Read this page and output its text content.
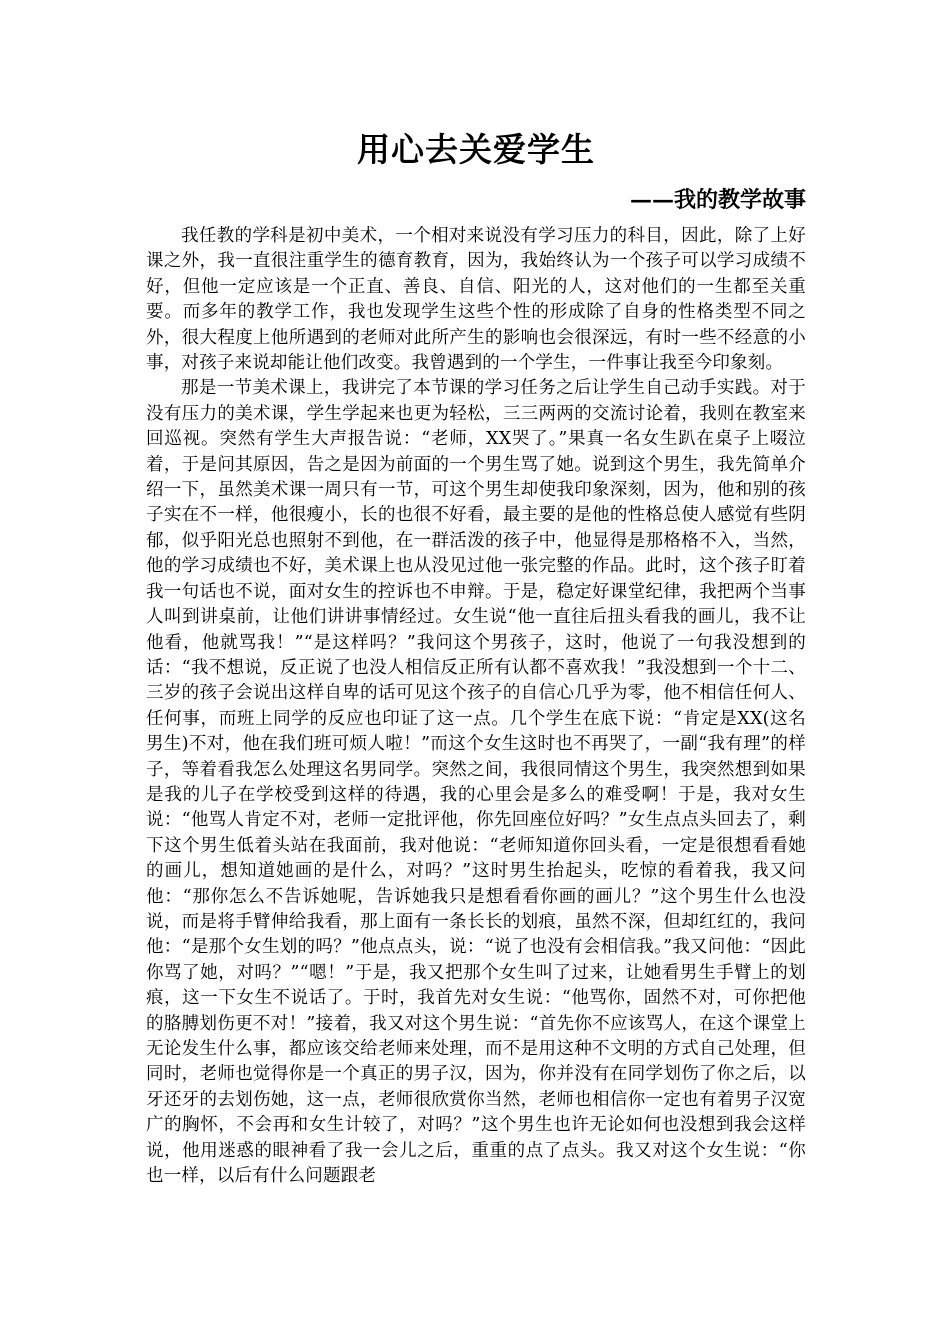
用心去关爱学生
——我的教学故事

我任教的学科是初中美术，一个相对来说没有学习压力的科目，因此，除了上好课之外，我一直很注重学生的德育教育，因为，我始终认为一个孩子可以学习成绩不好，但他一定应该是一个正直、善良、自信、阳光的人，这对他们的一生都至关重要。而多年的教学工作，我也发现学生这些个性的形成除了自身的性格类型不同之外，很大程度上他所遇到的老师对此所产生的影响也会很深远，有时一些不经意的小事，对孩子来说却能让他们改变。我曾遇到的一个学生，一件事让我至今印象刻。

那是一节美术课上，我讲完了本节课的学习任务之后让学生自己动手实践。对于没有压力的美术课，学生学起来也更为轻松，三三两两的交流讨论着，我则在教室来回巡视。突然有学生大声报告说：“老师，XX哭了。”果真一名女生趴在桌子上啜泣着，于是问其原因，告之是因为前面的一个男生骂了她。说到这个男生，我先简单介绍一下，虽然美术课一周只有一节，可这个男生却使我印象深刻，因为，他和别的孩子实在不一样，他很瘦小，长的也很不好看，最主要的是他的性格总使人感觉有些阴郁，似乎阳光总也照射不到他，在一群活泼的孩子中，他显得是那格格不入，当然，他的学习成绩也不好，美术课上也从没见过他一张完整的作品。此时，这个孩子盯着我一句话也不说，面对女生的控诉也不申辩。于是，稳定好课堂纪律，我把两个当事人叫到讲桌前，让他们讲讲事情经过。女生说“他一直往后扭头看我的画儿，我不让他看，他就骂我！”“是这样吗？”我问这个男孩子，这时，他说了一句我没想到的话：“我不想说，反正说了也没人相信反正所有认都不喜欢我！”我没想到一个十二、三岁的孩子会说出这样自卑的话可见这个孩子的自信心几乎为零，他不相信任何人、任何事，而班上同学的反应也印证了这一点。几个学生在底下说：“肯定是XX(这名男生)不对，他在我们班可烦人啦！”而这个女生这时也不再哭了，一副“我有理”的样子，等着看我怎么处理这名男同学。突然之间，我很同情这个男生，我突然想到如果是我的儿子在学校受到这样的待遇，我的心里会是多么的难受啊！于是，我对女生说：“他骂人肯定不对，老师一定批评他，你先回座位好吗？”女生点点头回去了，剩下这个男生低着头站在我面前，我对他说：“老师知道你回头看，一定是很想看看她的画儿，想知道她画的是什么，对吗？”这时男生抬起头，吃惊的看着我，我又问他：“那你怎么不告诉她呢，告诉她我只是想看看你画的画儿？”这个男生什么也没说，而是将手臂伸给我看，那上面有一条长长的划痕，虽然不深，但却红红的，我问他：“是那个女生划的吗？”他点点头，说：“说了也没有会相信我。”我又问他：“因此你骂了她，对吗？”“嗯！”于是，我又把那个女生叫了过来，让她看男生手臂上的划痕，这一下女生不说话了。于时，我首先对女生说：“他骂你，固然不对，可你把他的胳膊划伤更不对！”接着，我又对这个男生说：“首先你不应该骂人，在这个课堂上无论发生什么事，都应该交给老师来处理，而不是用这种不文明的方式自己处理，但同时，老师也觉得你是一个真正的男子汉，因为，你并没有在同学划伤了你之后，以牙还牙的去划伤她，这一点，老师很欣赏你当然，老师也相信你一定也有着男子汉宽广的胸怀，不会再和女生计较了，对吗？”这个男生也许无论如何也没想到我会这样说，他用迷惑的眼神看了我一会儿之后，重重的点了点头。我又对这个女生说：“你也一样，以后有什么问题跟老
